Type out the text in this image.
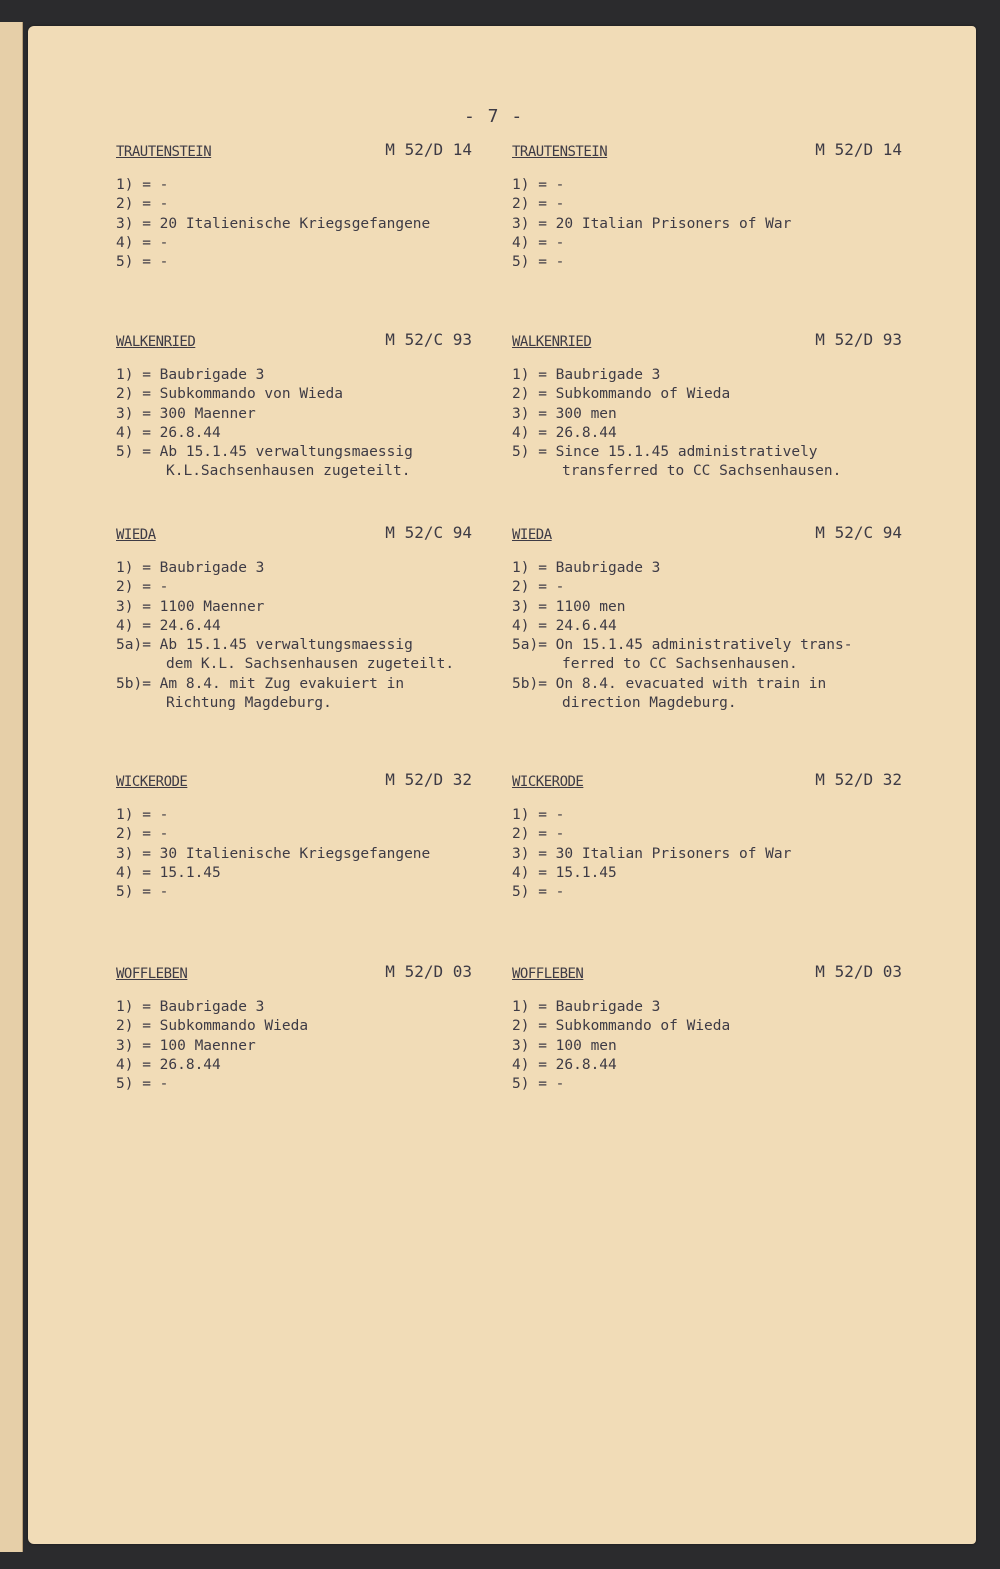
- 7 -
TRAUTENSTEIN	M 52/D 14
1) = -
2) = -
3) = 20 Italienische Kriegsgefangene
4) = -
5) = -
WALKENRIED	M 52/C 93
1) = Baubrigade 3
2) = Subkommando von Wieda
3) = 300 Maenner
4) = 26.8.44
5) = Ab 15.1.45 verwaltungsmaessig
K.L.Sachsenhausen zugeteilt.
WIEDA	M 52/C 94
1) = Baubrigade 3
2) = -
3) = 1100 Maenner
4) = 24.6.44
5a)= Ab 15.1.45 verwaltungsmaessig
dem K.L. Sachsenhausen zugeteilt.
5b)= Am 8.4. mit Zug evakuiert in
Richtung Magdeburg.
WICKERODE	M 52/D 32
1) = -
2) = -
3) = 30 Italienische Kriegsgefangene
4) = 15.1.45
5) = -
WOFFLEBEN	M 52/D 03
1) = Baubrigade 3
2) = Subkommando Wieda
3) = 100 Maenner
4) = 26.8.44
5) = -
TRAUTENSTEIN	M 52/D 14
1) = -
2) = -
3) = 20 Italian Prisoners of War
4) = -
5) = -
WALKENRIED	M 52/D 93
1) = Baubrigade 3
2) = Subkommando of Wieda
3) = 300 men
4) = 26.8.44
5) = Since 15.1.45 administratively
transferred to CC Sachsenhausen.
WIEDA	M 52/C 94
1) = Baubrigade 3
2) = -
3) = 1100 men
4) = 24.6.44
5a)= On 15.1.45 administratively trans-
ferred to CC Sachsenhausen.
5b)= On 8.4. evacuated with train in
direction Magdeburg.
WICKERODE	M 52/D 32
1) = -
2) = -
3) = 30 Italian Prisoners of War
4) = 15.1.45
5) = -
WOFFLEBEN	M 52/D 03
1) = Baubrigade 3
2) = Subkommando of Wieda
3) = 100 men
4) = 26.8.44
5) = -
